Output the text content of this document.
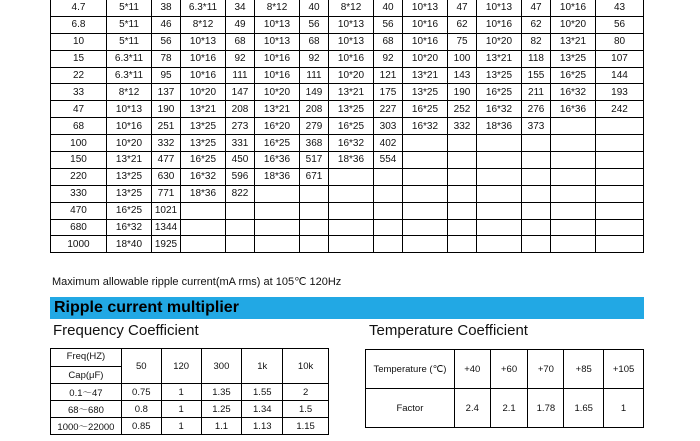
4.7	5*11	38	6.3*11	34	8*12	40	8*12	40	10*13	47	10*13	47	10*16	43
6.8	5*11	46	8*12	49	10*13	56	10*13	56	10*16	62	10*16	62	10*20	56
10	5*11	56	10*13	68	10*13	68	10*13	68	10*16	75	10*20	82	13*21	80
15	6.3*11	78	10*16	92	10*16	92	10*16	92	10*20	100	13*21	118	13*25	107
22	6.3*11	95	10*16	111	10*16	111	10*20	121	13*21	143	13*25	155	16*25	144
33	8*12	137	10*20	147	10*20	149	13*21	175	13*25	190	16*25	211	16*32	193
47	10*13	190	13*21	208	13*21	208	13*25	227	16*25	252	16*32	276	16*36	242
68	10*16	251	13*25	273	16*20	279	16*25	303	16*32	332	18*36	373		
100	10*20	332	13*25	331	16*25	368	16*32	402						
150	13*21	477	16*25	450	16*36	517	18*36	554						
220	13*25	630	16*32	596	18*36	671								
330	13*25	771	18*36	822										
470	16*25	1021												
680	16*32	1344												
1000	18*40	1925												
Maximum allowable ripple current(mA rms) at 105℃ 120Hz
Ripple current multiplier
Frequency Coefficient	Temperature Coefficient
Freq(HZ)
Cap(μF)	50	120	300	1k	10k
0.1～47	0.75	1	1.35	1.55	2
68～680	0.8	1	1.25	1.34	1.5
1000～22000	0.85	1	1.1	1.13	1.15
Temperature (℃)	+40	+60	+70	+85	+105
Factor	2.4	2.1	1.78	1.65	1
